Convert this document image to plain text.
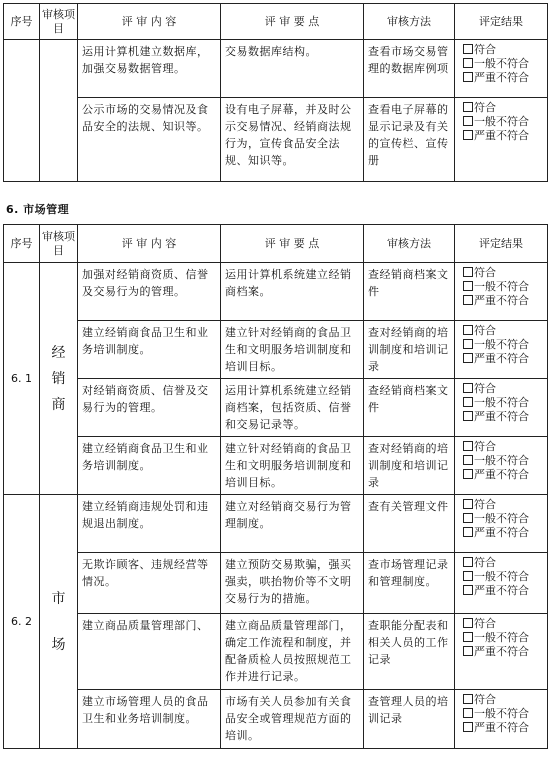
序号	审核项目	评 审 内 容	评 审 要 点	审核方法	评定结果

		运用计算机建立数据库，加强交易数据管理。	交易数据库结构。	查看市场交易管理的数据库例项	符合
一般不符合
严重不符合

		公示市场的交易情况及食品安全的法规、知识等。	设有电子屏幕，并及时公示交易情况、经销商法规行为，宣传食品安全法规、知识等。	查看电子屏幕的显示记录及有关的宣传栏、宣传册	符合
一般不符合
严重不符合
6. 市场管理
序号	审核项目	评 审 内 容	评 审 要 点	审核方法	评定结果
6. 1	经
销
商	加强对经销商资质、信誉及交易行为的管理。	运用计算机系统建立经销商档案。	查经销商档案文件	符合
一般不符合
严重不符合

		建立经销商食品卫生和业务培训制度。	建立针对经销商的食品卫生和文明服务培训制度和培训目标。	查对经销商的培训制度和培训记录	符合
一般不符合
严重不符合

		对经销商资质、信誉及交易行为的管理。	运用计算机系统建立经销商档案，包括资质、信誉和交易记录等。	查经销商档案文件	符合
一般不符合
严重不符合

		建立经销商食品卫生和业务培训制度。	建立针对经销商的食品卫生和文明服务培训制度和培训目标。	查对经销商的培训制度和培训记录	符合
一般不符合
严重不符合

6. 2	市
场	建立经销商违规处罚和违规退出制度。	建立对经销商交易行为管理制度。	查有关管理文件	符合
一般不符合
严重不符合

		无欺诈顾客、违规经营等情况。	建立预防交易欺骗，强买强卖，哄抬物价等不文明交易行为的措施。	查市场管理记录和管理制度。	符合
一般不符合
严重不符合

		建立商品质量管理部门、	建立商品质量管理部门，确定工作流程和制度，并配备质检人员按照规范工作并进行记录。	查职能分配表和相关人员的工作记录	符合
一般不符合
严重不符合

		建立市场管理人员的食品卫生和业务培训制度。	市场有关人员参加有关食品安全或管理规范方面的培训。	查管理人员的培训记录	符合
一般不符合
严重不符合
